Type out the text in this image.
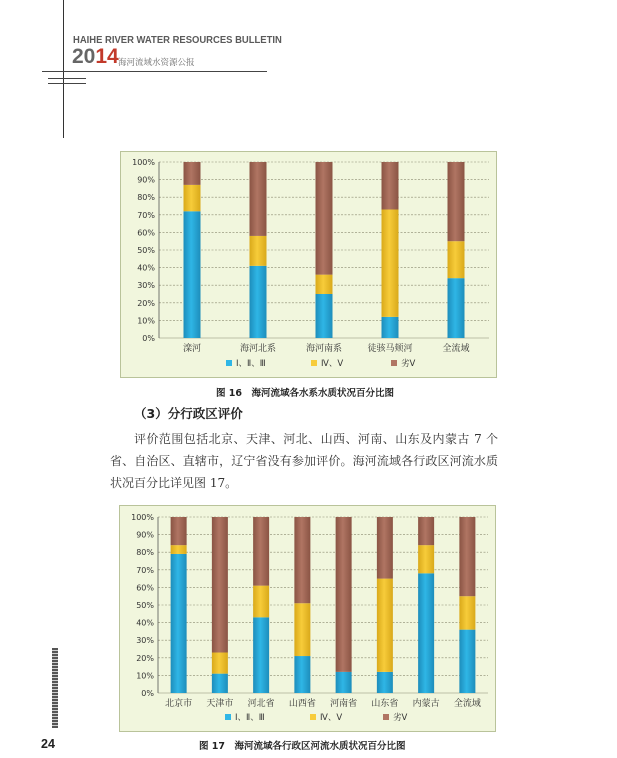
HAIHE RIVER WATER RESOURCES BULLETIN
2014 海河流域水资源公报
0%
10%
20%
30%
40%
50%
60%
70%
80%
90%
100%
滦河	海河北系	海河南系	徒骇马颊河	全流域
Ⅰ、Ⅱ、Ⅲ	Ⅳ、Ⅴ	劣Ⅴ
图 16　海河流域各水系水质状况百分比图
（3）分行政区评价
评价范围包括北京、天津、河北、山西、河南、山东及内蒙古 7 个省、自治区、直辖市，辽宁省没有参加评价。海河流域各行政区河流水质状况百分比详见图 17。
0%
10%
20%
30%
40%
50%
60%
70%
80%
90%
100%
北京市 天津市 河北省 山西省 河南省 山东省 内蒙古 全流域
Ⅰ、Ⅱ、Ⅲ	Ⅳ、Ⅴ	劣Ⅴ
图 17　海河流域各行政区河流水质状况百分比图
24
